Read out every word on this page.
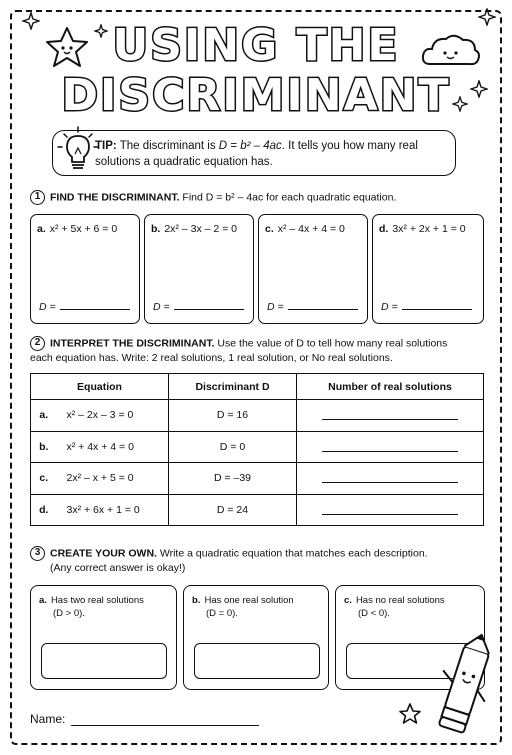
USING THE
DISCRIMINANT
TIP: The discriminant is D = b² – 4ac. It tells you how many real solutions a quadratic equation has.
1 FIND THE DISCRIMINANT. Find D = b² – 4ac for each quadratic equation.
a. x² + 5x + 6 = 0
D =
b. 2x² – 3x – 2 = 0
D =
c. x² – 4x + 4 = 0
D =
d. 3x² + 2x + 1 = 0
D =
2 INTERPRET THE DISCRIMINANT. Use the value of D to tell how many real solutions each equation has. Write: 2 real solutions, 1 real solution, or No real solutions.
Equation		Discriminant D	Number of real solutions
a.	x² – 2x – 3 = 0	D = 16	
b.	x² + 4x + 4 = 0	D = 0	
c.	2x² – x + 5 = 0	D = –39	
d.	3x² + 6x + 1 = 0	D = 24	
3 CREATE YOUR OWN. Write a quadratic equation that matches each description.
(Any correct answer is okay!)
a. Has two real solutions
(D > 0).
b. Has one real solution
(D = 0).
c. Has no real solutions
(D < 0).
Name:
